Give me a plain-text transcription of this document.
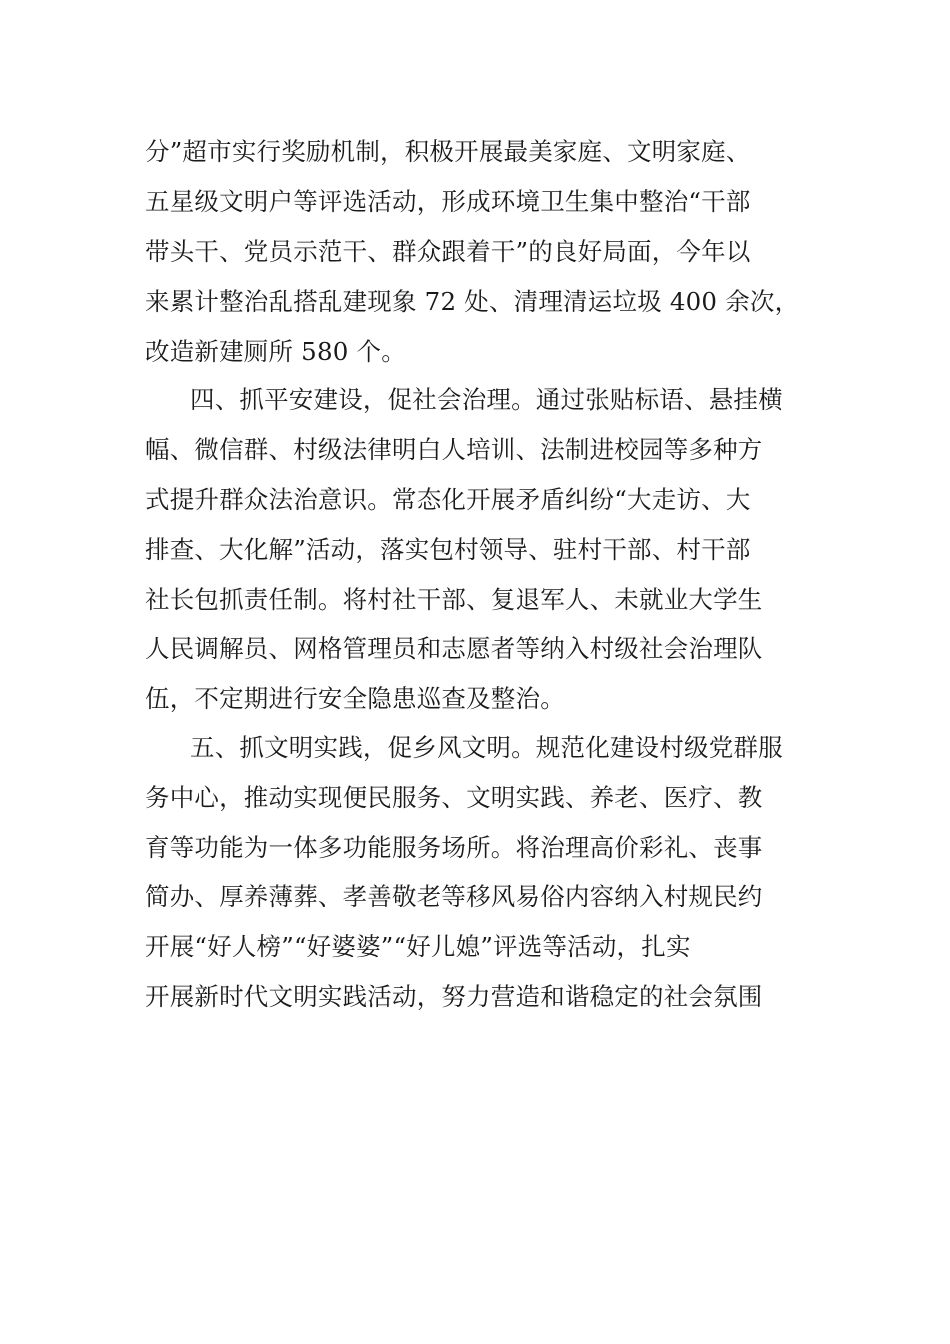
分”超市实行奖励机制，积极开展最美家庭、文明家庭、
五星级文明户等评选活动，形成环境卫生集中整治“干部
带头干、党员示范干、群众跟着干”的良好局面，今年以
来累计整治乱搭乱建现象 72 处、清理清运垃圾 400 余次，
改造新建厕所 580 个。
四、抓平安建设，促社会治理。通过张贴标语、悬挂横
幅、微信群、村级法律明白人培训、法制进校园等多种方
式提升群众法治意识。常态化开展矛盾纠纷“大走访、大
排查、大化解”活动，落实包村领导、驻村干部、村干部
社长包抓责任制。将村社干部、复退军人、未就业大学生
人民调解员、网格管理员和志愿者等纳入村级社会治理队
伍，不定期进行安全隐患巡查及整治。
五、抓文明实践，促乡风文明。规范化建设村级党群服
务中心，推动实现便民服务、文明实践、养老、医疗、教
育等功能为一体多功能服务场所。将治理高价彩礼、丧事
简办、厚养薄葬、孝善敬老等移风易俗内容纳入村规民约
开展“好人榜”“好婆婆”“好儿媳”评选等活动，扎实
开展新时代文明实践活动，努力营造和谐稳定的社会氛围
